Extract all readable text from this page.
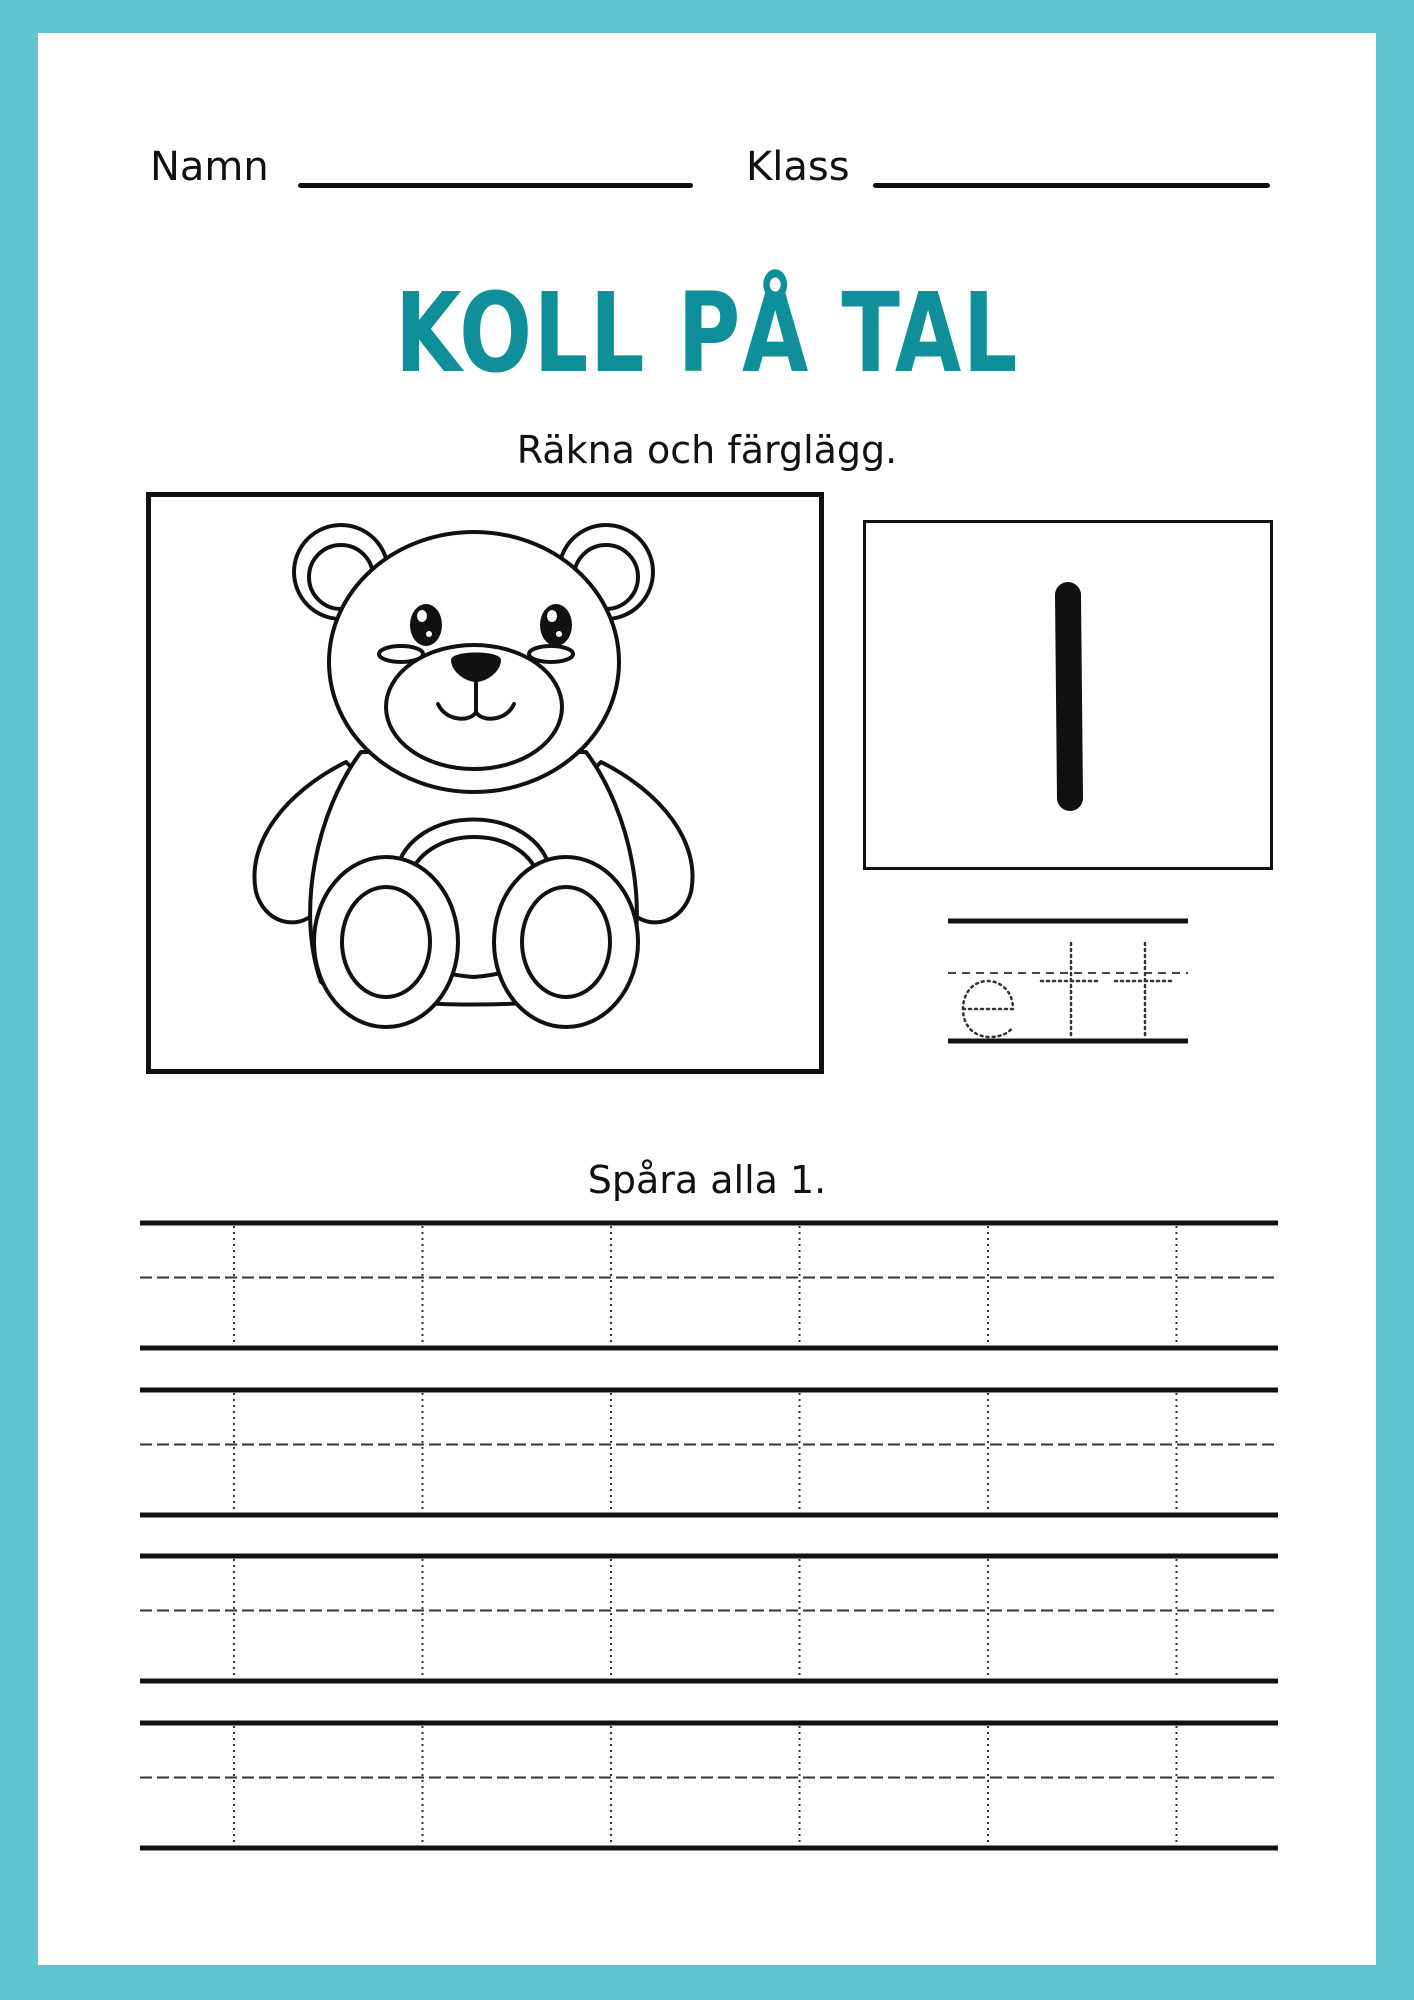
Namn	Klass
KOLL PÅ TAL
Räkna och färglägg.
Spåra alla 1.
